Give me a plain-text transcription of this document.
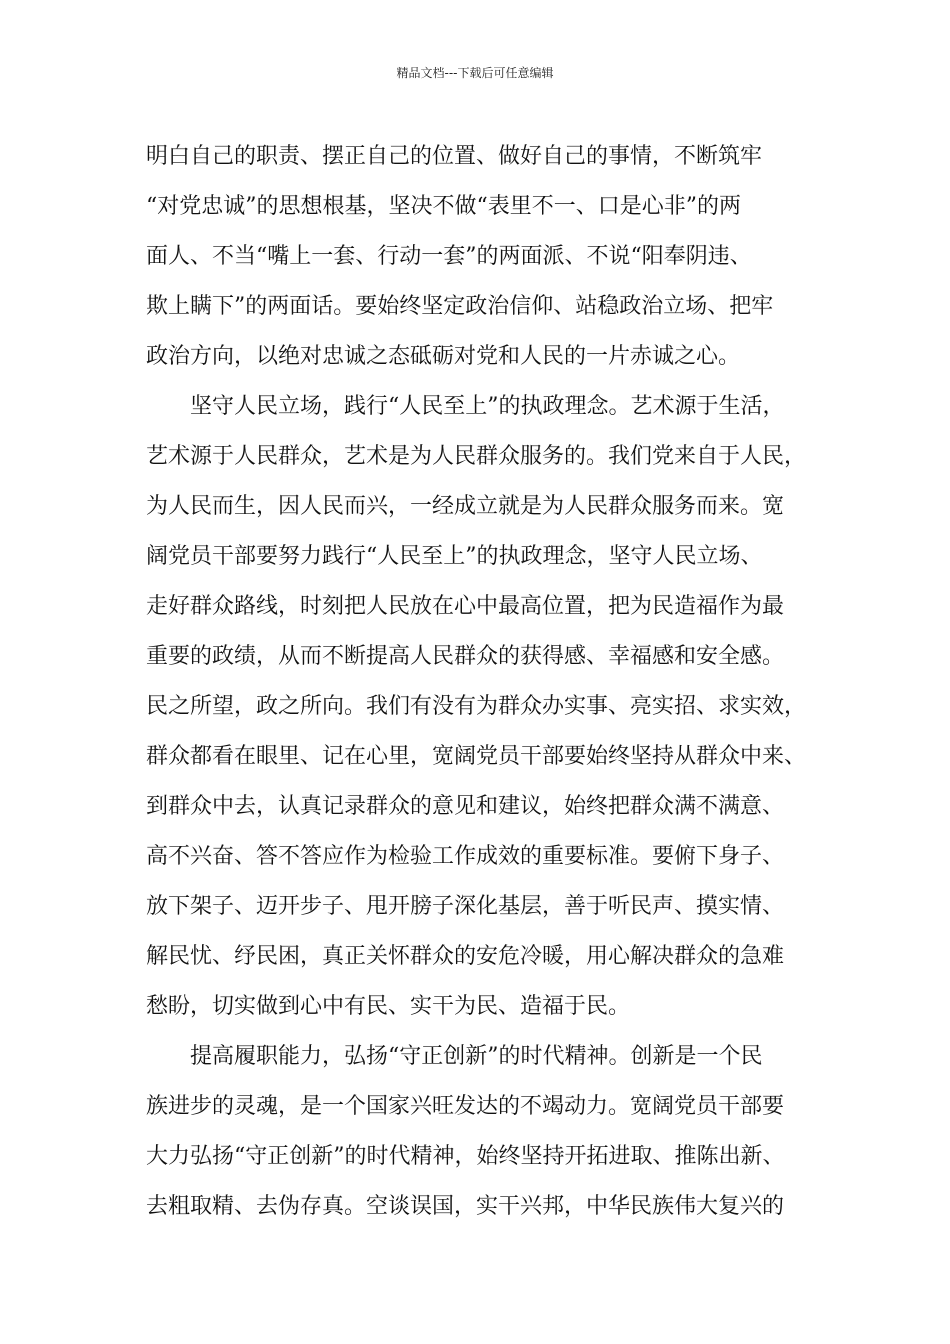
精品文档---下载后可任意编辑
明白自己的职责、摆正自己的位置、做好自己的事情，不断筑牢
“对党忠诚”的思想根基，坚决不做“表里不一、口是心非”的两
面人、不当“嘴上一套、行动一套”的两面派、不说“阳奉阴违、
欺上瞒下”的两面话。要始终坚定政治信仰、站稳政治立场、把牢
政治方向，以绝对忠诚之态砥砺对党和人民的一片赤诚之心。
坚守人民立场，践行“人民至上”的执政理念。艺术源于生活，
艺术源于人民群众，艺术是为人民群众服务的。我们党来自于人民，
为人民而生，因人民而兴，一经成立就是为人民群众服务而来。宽
阔党员干部要努力践行“人民至上”的执政理念，坚守人民立场、
走好群众路线，时刻把人民放在心中最高位置，把为民造福作为最
重要的政绩，从而不断提高人民群众的获得感、幸福感和安全感。
民之所望，政之所向。我们有没有为群众办实事、亮实招、求实效，
群众都看在眼里、记在心里，宽阔党员干部要始终坚持从群众中来、
到群众中去，认真记录群众的意见和建议，始终把群众满不满意、
高不兴奋、答不答应作为检验工作成效的重要标准。要俯下身子、
放下架子、迈开步子、甩开膀子深化基层，善于听民声、摸实情、
解民忧、纾民困，真正关怀群众的安危冷暖，用心解决群众的急难
愁盼，切实做到心中有民、实干为民、造福于民。
提高履职能力，弘扬“守正创新”的时代精神。创新是一个民
族进步的灵魂，是一个国家兴旺发达的不竭动力。宽阔党员干部要
大力弘扬“守正创新”的时代精神，始终坚持开拓进取、推陈出新、
去粗取精、去伪存真。空谈误国，实干兴邦，中华民族伟大复兴的
